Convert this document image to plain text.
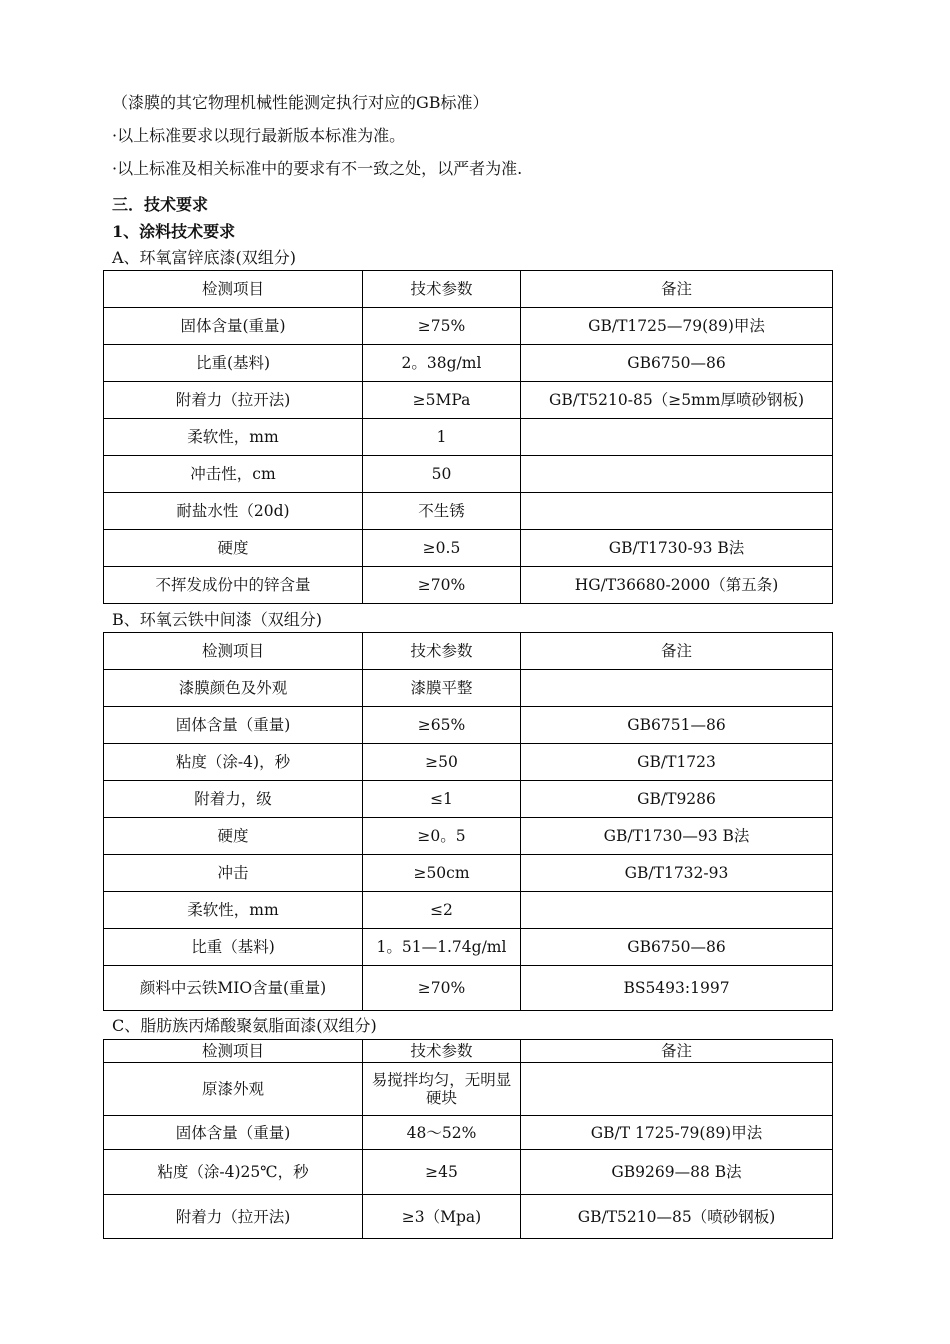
（漆膜的其它物理机械性能测定执行对应的GB标准）
·以上标准要求以现行最新版本标准为准。
·以上标准及相关标准中的要求有不一致之处，以严者为准.
三．技术要求
1、涂料技术要求
A、环氧富锌底漆(双组分)
检测项目	技术参数	备注
固体含量(重量)	≥75%	GB/T1725—79(89)甲法
比重(基料)	2。38g/ml	GB6750—86
附着力（拉开法)	≥5MPa	GB/T5210-85（≥5mm厚喷砂钢板)
柔软性，mm	1	
冲击性，cm	50	
耐盐水性（20d)	不生锈	
硬度	≥0.5	GB/T1730-93 B法
不挥发成份中的锌含量	≥70%	HG/T36680-2000（第五条)
B、环氧云铁中间漆（双组分)
检测项目	技术参数	备注
漆膜颜色及外观	漆膜平整	
固体含量（重量)	≥65%	GB6751—86
粘度（涂-4)，秒	≥50	GB/T1723
附着力，级	≤1	GB/T9286
硬度	≥0。5	GB/T1730—93 B法
冲击	≥50cm	GB/T1732-93
柔软性，mm	≤2	
比重（基料)	1。51—1.74g/ml	GB6750—86
颜料中云铁MIO含量(重量)	≥70%	BS5493:1997
C、脂肪族丙烯酸聚氨脂面漆(双组分)
检测项目	技术参数	备注
原漆外观	易搅拌均匀，无明显硬块	
固体含量（重量)	48～52%	GB/T 1725-79(89)甲法
粘度（涂-4)25℃，秒	≥45	GB9269—88 B法
附着力（拉开法)	≥3（Mpa)	GB/T5210—85（喷砂钢板)
